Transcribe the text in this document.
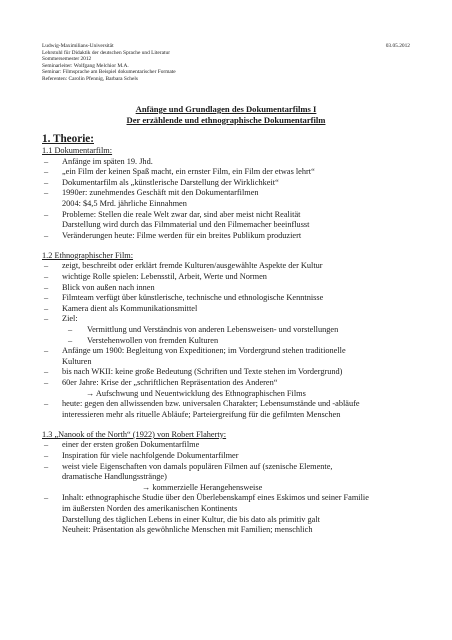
Ludwig-Maximilians-Universität	03.05.2012
Lehrstuhl für Didaktik der deutschen Sprache und Literatur
Sommersemester 2012
Seminarleiter: Wolfgang Melchior M.A.
Seminar: Filmsprache am Beispiel dokumentarischer Formate
Referenten: Carolin Pfennig, Barbara Schels
Anfänge und Grundlagen des Dokumentarfilms I
Der erzählende und ethnographische Dokumentarfilm
1. Theorie:
1.1 Dokumentarfilm:
– Anfänge im späten 19. Jhd.
– „ein Film der keinen Spaß macht, ein ernster Film, ein Film der etwas lehrt“
– Dokumentarfilm als „künstlerische Darstellung der Wirklichkeit“
– 1990er: zunehmendes Geschäft mit den Dokumentarfilmen
2004: $4,5 Mrd. jährliche Einnahmen
– Probleme: Stellen die reale Welt zwar dar, sind aber meist nicht Realität
Darstellung wird durch das Filmmaterial und den Filmemacher beeinflusst
– Veränderungen heute: Filme werden für ein breites Publikum produziert
1.2 Ethnographischer Film:
– zeigt, beschreibt oder erklärt fremde Kulturen/ausgewählte Aspekte der Kultur
– wichtige Rolle spielen: Lebensstil, Arbeit, Werte und Normen
– Blick von außen nach innen
– Filmteam verfügt über künstlerische, technische und ethnologische Kenntnisse
– Kamera dient als Kommunikationsmittel
– Ziel:
– Vermittlung und Verständnis von anderen Lebensweisen- und vorstellungen
– Verstehenwollen von fremden Kulturen
– Anfänge um 1900: Begleitung von Expeditionen; im Vordergrund stehen traditionelle
Kulturen
– bis nach WKII: keine große Bedeutung (Schriften und Texte stehen im Vordergrund)
– 60er Jahre: Krise der „schriftlichen Repräsentation des Anderen“
→ Aufschwung und Neuentwicklung des Ethnographischen Films
– heute: gegen den allwissenden bzw. universalen Charakter; Lebensumstände und -abläufe
interessieren mehr als rituelle Abläufe; Parteiergreifung für die gefilmten Menschen
1.3 „Nanook of the North“ (1922) von Robert Flaherty:
– einer der ersten großen Dokumentarfilme
– Inspiration für viele nachfolgende Dokumentarfilmer
– weist viele Eigenschaften von damals populären Filmen auf (szenische Elemente,
dramatische Handlungsstränge)
→ kommerzielle Herangehensweise
– Inhalt: ethnographische Studie über den Überlebenskampf eines Eskimos und seiner Familie
im äußersten Norden des amerikanischen Kontinents
Darstellung des täglichen Lebens in einer Kultur, die bis dato als primitiv galt
Neuheit: Präsentation als gewöhnliche Menschen mit Familien; menschlich
